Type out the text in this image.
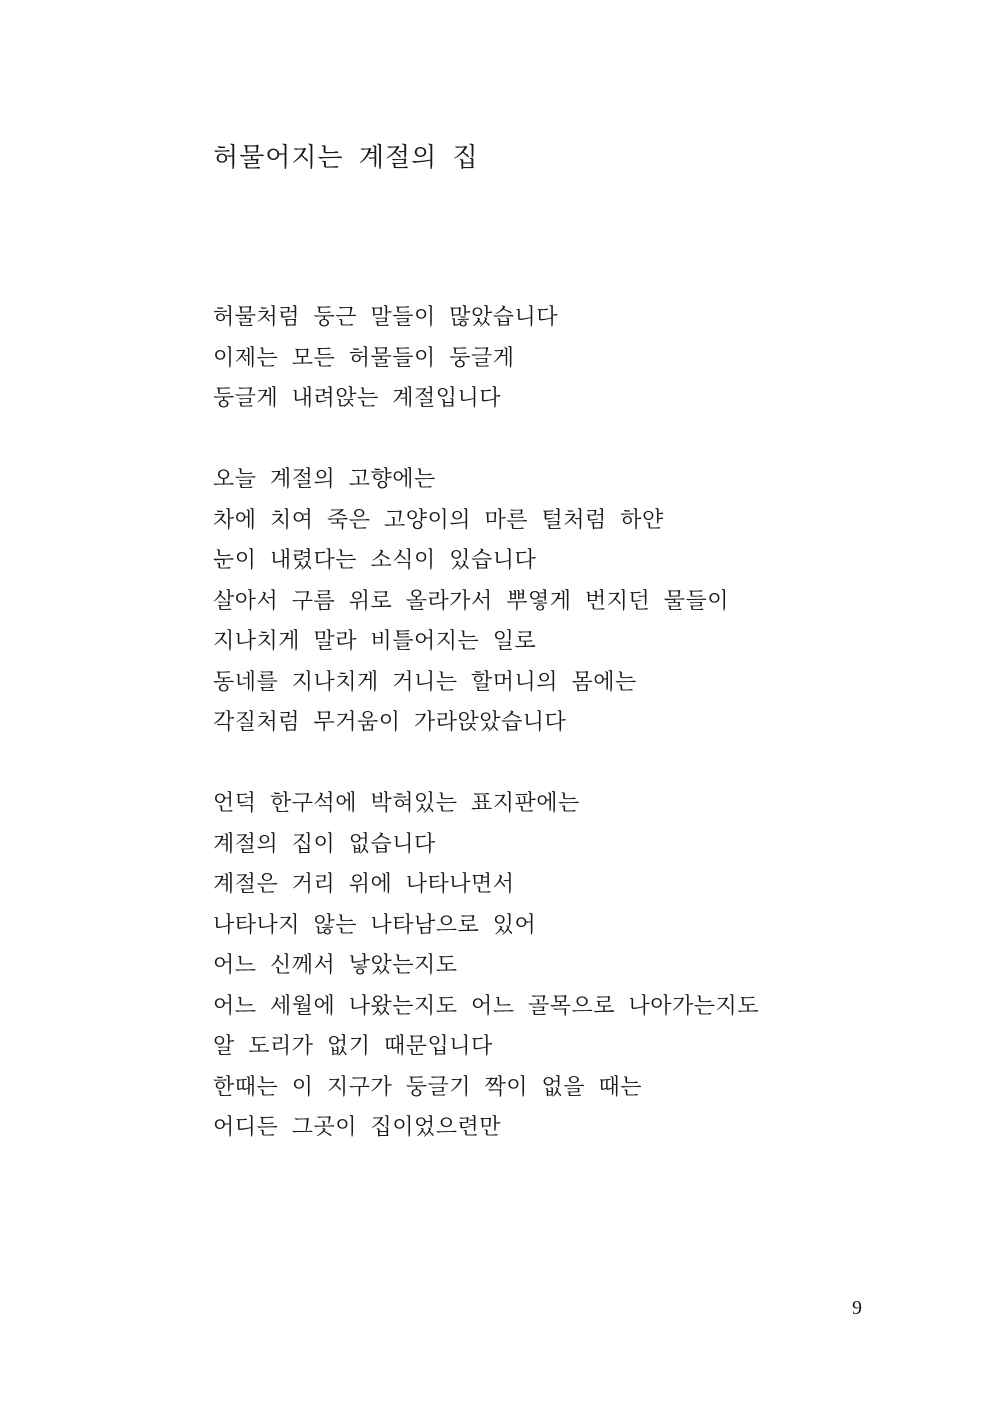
허물어지는 계절의 집
허물처럼 둥근 말들이 많았습니다
이제는 모든 허물들이 둥글게
둥글게 내려앉는 계절입니다
오늘 계절의 고향에는
차에 치여 죽은 고양이의 마른 털처럼 하얀
눈이 내렸다는 소식이 있습니다
살아서 구름 위로 올라가서 뿌옇게 번지던 물들이
지나치게 말라 비틀어지는 일로
동네를 지나치게 거니는 할머니의 몸에는
각질처럼 무거움이 가라앉았습니다
언덕 한구석에 박혀있는 표지판에는
계절의 집이 없습니다
계절은 거리 위에 나타나면서
나타나지 않는 나타남으로 있어
어느 신께서 낳았는지도
어느 세월에 나왔는지도 어느 골목으로 나아가는지도
알 도리가 없기 때문입니다
한때는 이 지구가 둥글기 짝이 없을 때는
어디든 그곳이 집이었으련만
9
